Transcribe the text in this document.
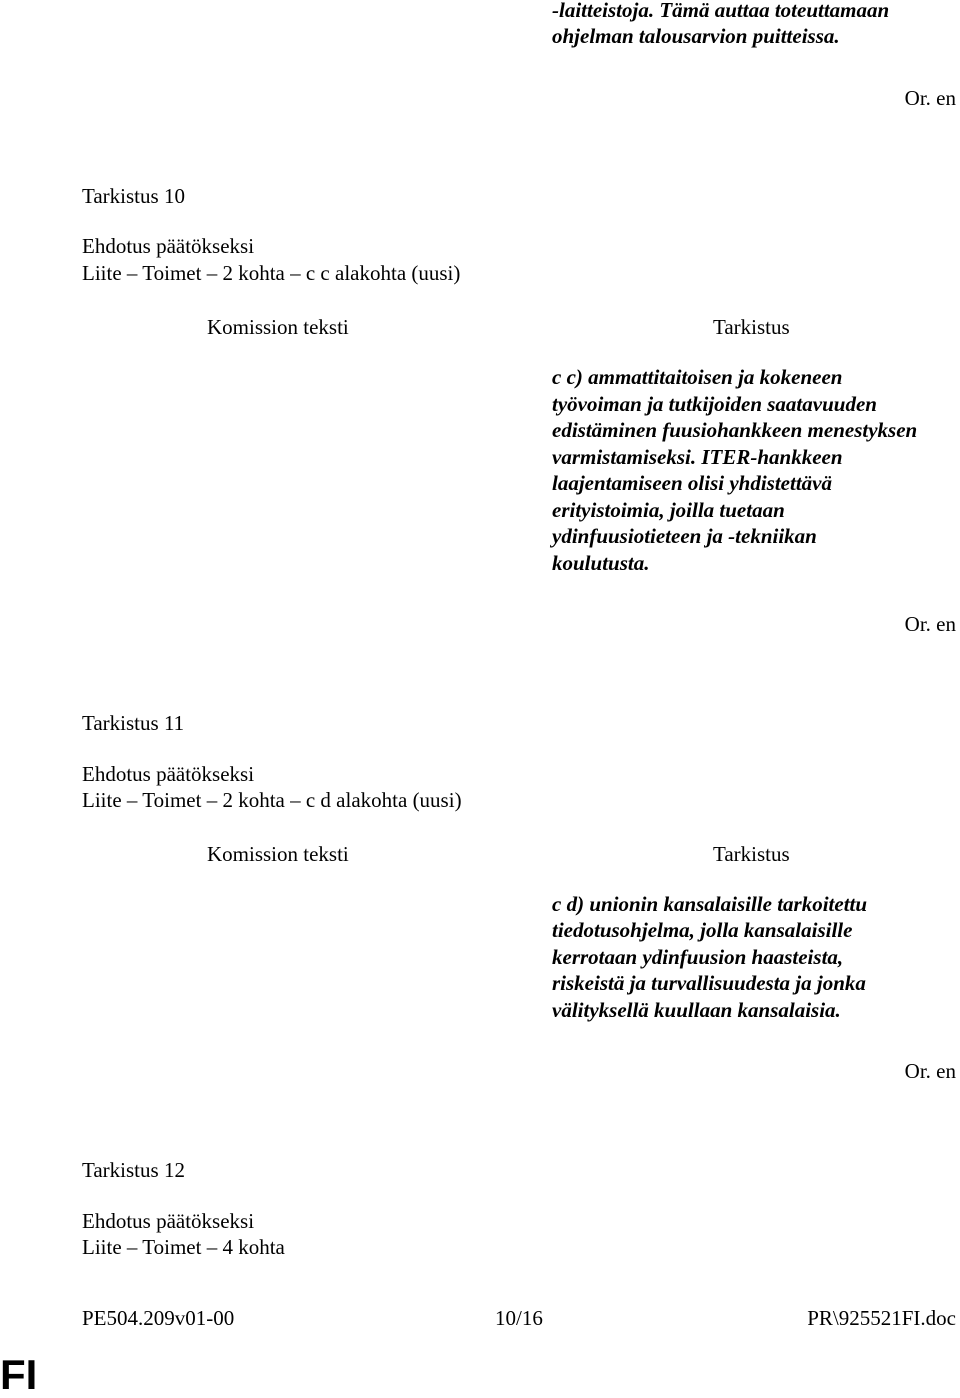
-laitteistoja. Tämä auttaa toteuttamaan
ohjelman talousarvion puitteissa.
Or. en
Tarkistus 10
Ehdotus päätökseksi
Liite – Toimet – 2 kohta – c c alakohta (uusi)
Komission teksti	Tarkistus
c c) ammattitaitoisen ja kokeneen
työvoiman ja tutkijoiden saatavuuden
edistäminen fuusiohankkeen menestyksen
varmistamiseksi. ITER-hankkeen
laajentamiseen olisi yhdistettävä
erityistoimia, joilla tuetaan
ydinfuusiotieteen ja -tekniikan
koulutusta.
Or. en
Tarkistus 11
Ehdotus päätökseksi
Liite – Toimet – 2 kohta – c d alakohta (uusi)
Komission teksti	Tarkistus
c d) unionin kansalaisille tarkoitettu
tiedotusohjelma, jolla kansalaisille
kerrotaan ydinfuusion haasteista,
riskeistä ja turvallisuudesta ja jonka
välityksellä kuullaan kansalaisia.
Or. en
Tarkistus 12
Ehdotus päätökseksi
Liite – Toimet – 4 kohta
PE504.209v01-00	10/16	PR\925521FI.doc
FI
